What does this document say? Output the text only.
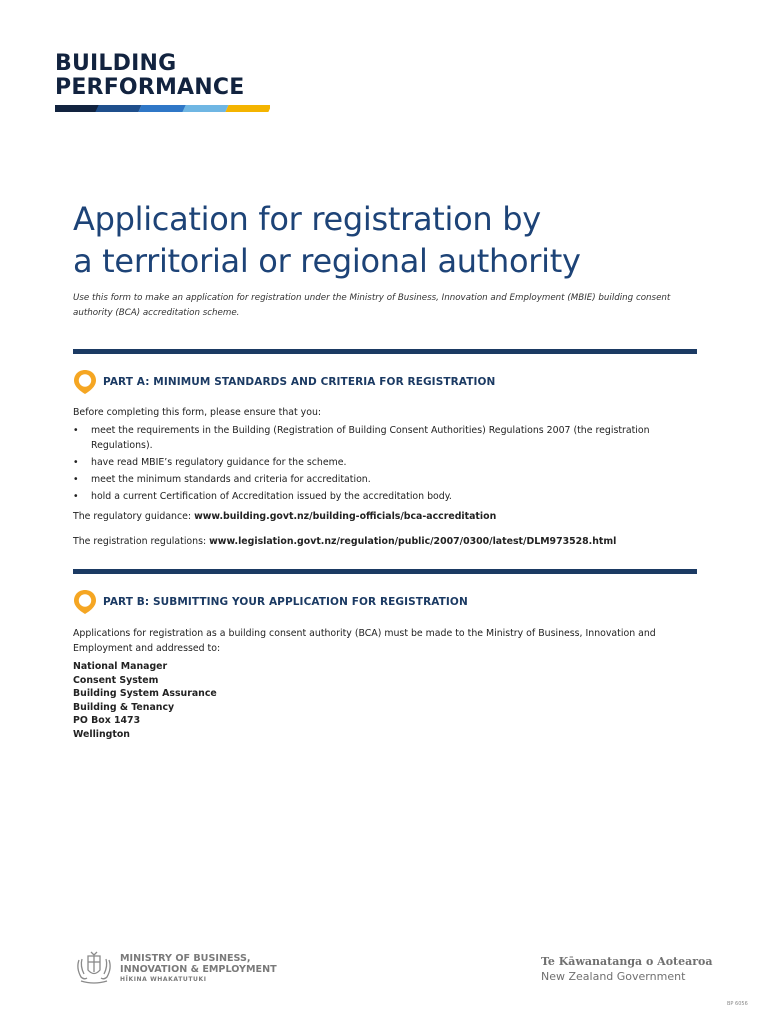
BUILDING
PERFORMANCE
Application for registration by
a territorial or regional authority
Use this form to make an application for registration under the Ministry of Business, Innovation and Employment (MBIE) building consent authority (BCA) accreditation scheme.
PART A: MINIMUM STANDARDS AND CRITERIA FOR REGISTRATION
Before completing this form, please ensure that you:
• meet the requirements in the Building (Registration of Building Consent Authorities) Regulations 2007 (the registration Regulations).
• have read MBIE’s regulatory guidance for the scheme.
• meet the minimum standards and criteria for accreditation.
• hold a current Certification of Accreditation issued by the accreditation body.
The regulatory guidance: www.building.govt.nz/building-officials/bca-accreditation
The registration regulations: www.legislation.govt.nz/regulation/public/2007/0300/latest/DLM973528.html
PART B: SUBMITTING YOUR APPLICATION FOR REGISTRATION
Applications for registration as a building consent authority (BCA) must be made to the Ministry of Business, Innovation and Employment and addressed to:
National Manager
Consent System
Building System Assurance
Building & Tenancy
PO Box 1473
Wellington
MINISTRY OF BUSINESS,
INNOVATION & EMPLOYMENT
HĪKINA WHAKATUTUKI
Te Kāwanatanga o Aotearoa
New Zealand Government
BP 6056
